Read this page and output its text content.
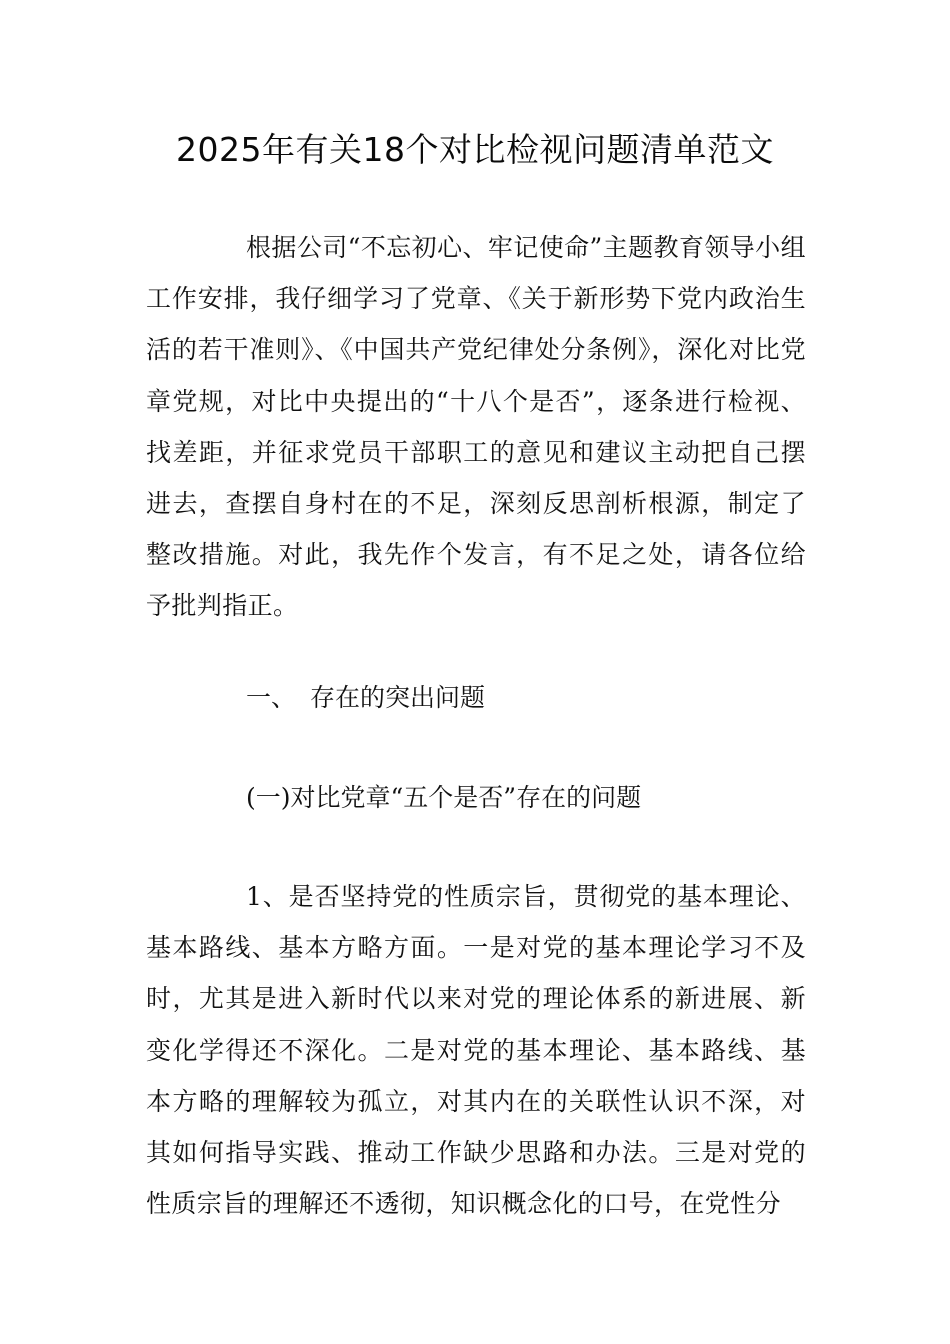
2025年有关18个对比检视问题清单范文
根据公司“不忘初心、牢记使命”主题教育领导小组工作安排，我仔细学习了党章、《关于新形势下党内政治生活的若干准则》、《中国共产党纪律处分条例》，深化对比党章党规，对比中央提出的“十八个是否”，逐条进行检视、找差距，并征求党员干部职工的意见和建议主动把自己摆进去，查摆自身村在的不足，深刻反思剖析根源，制定了整改措施。对此，我先作个发言，有不足之处，请各位给予批判指正。
一、 存在的突出问题
(一)对比党章“五个是否”存在的问题
1、是否坚持党的性质宗旨，贯彻党的基本理论、基本路线、基本方略方面。一是对党的基本理论学习不及时，尤其是进入新时代以来对党的理论体系的新进展、新变化学得还不深化。二是对党的基本理论、基本路线、基本方略的理解较为孤立，对其内在的关联性认识不深，对其如何指导实践、推动工作缺少思路和办法。三是对党的性质宗旨的理解还不透彻，知识概念化的口号，在党性分
